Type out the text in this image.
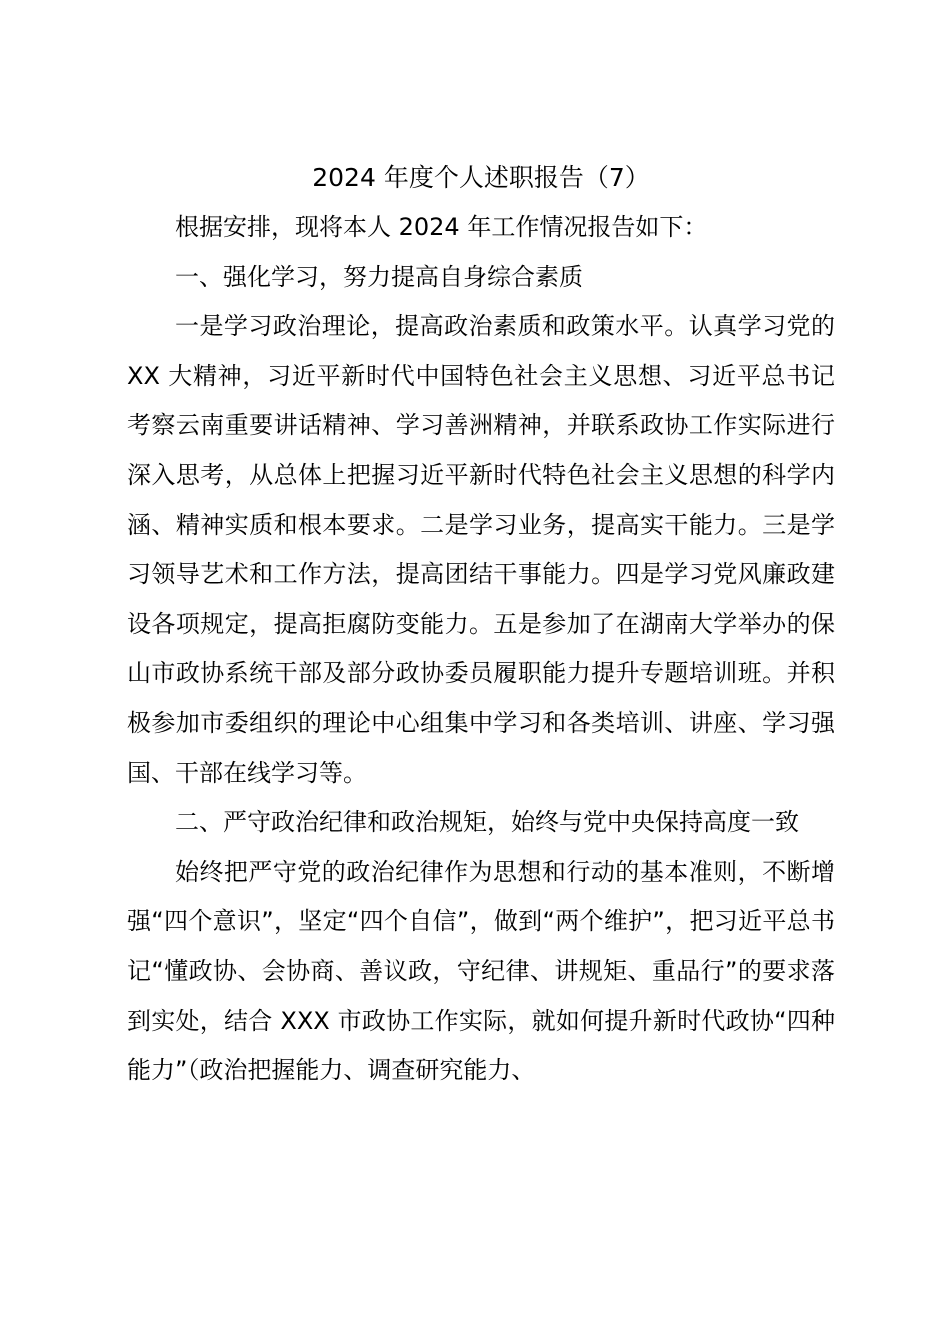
2024 年度个人述职报告（7）

根据安排，现将本人 2024 年工作情况报告如下：

一、强化学习，努力提高自身综合素质

一是学习政治理论，提高政治素质和政策水平。认真学习党的 XX 大精神，习近平新时代中国特色社会主义思想、习近平总书记考察云南重要讲话精神、学习善洲精神，并联系政协工作实际进行深入思考，从总体上把握习近平新时代特色社会主义思想的科学内涵、精神实质和根本要求。二是学习业务，提高实干能力。三是学习领导艺术和工作方法，提高团结干事能力。四是学习党风廉政建设各项规定，提高拒腐防变能力。五是参加了在湖南大学举办的保山市政协系统干部及部分政协委员履职能力提升专题培训班。并积极参加市委组织的理论中心组集中学习和各类培训、讲座、学习强国、干部在线学习等。

二、严守政治纪律和政治规矩，始终与党中央保持高度一致

始终把严守党的政治纪律作为思想和行动的基本准则，不断增强“四个意识”，坚定“四个自信”，做到“两个维护”，把习近平总书记“懂政协、会协商、善议政，守纪律、讲规矩、重品行”的要求落到实处，结合 XXX 市政协工作实际，就如何提升新时代政协“四种能力”（政治把握能力、调查研究能力、
